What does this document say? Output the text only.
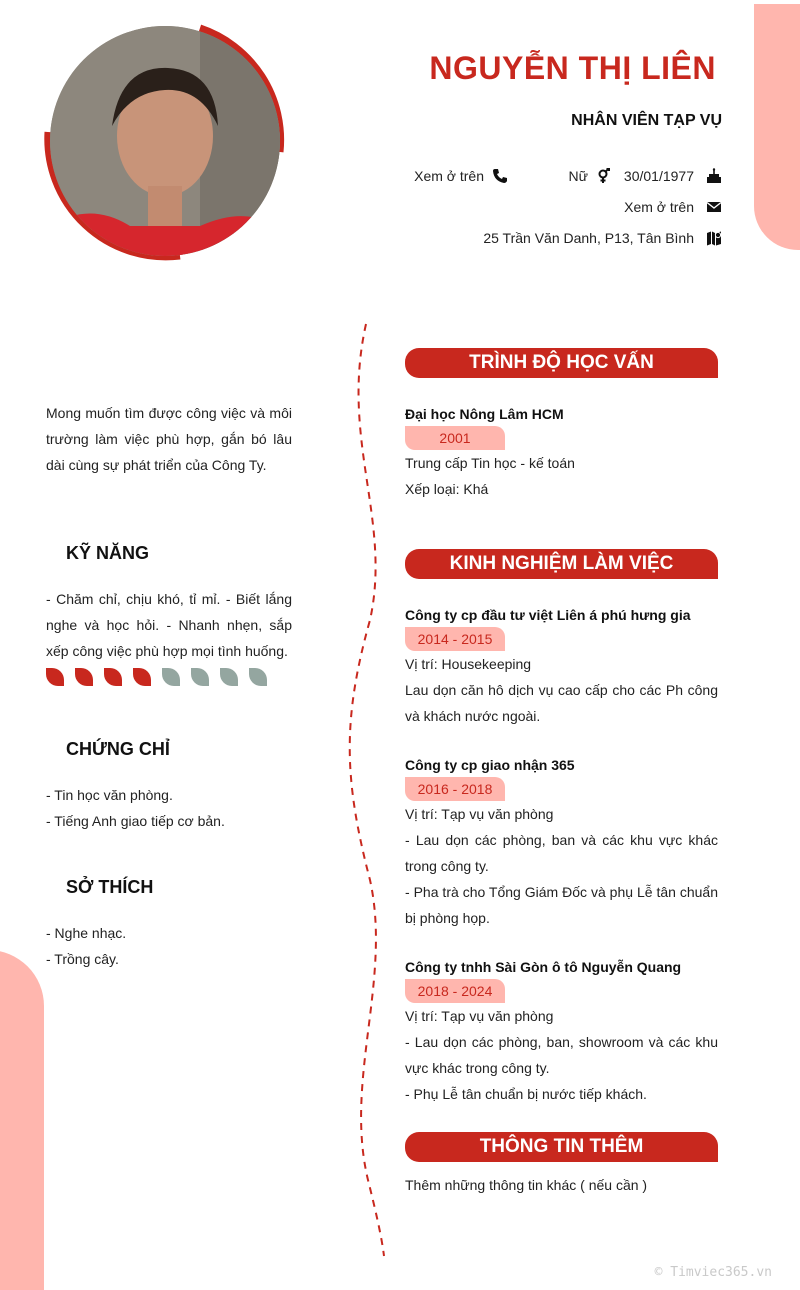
NGUYỄN THỊ LIÊN
NHÂN VIÊN TẠP VỤ
Xem ở trên	Nữ	30/01/1977
Xem ở trên
25 Trần Văn Danh, P13, Tân Bình
Mong muốn tìm được công việc và môi trường làm việc phù hợp, gắn bó lâu dài cùng sự phát triển của Công Ty.
KỸ NĂNG
- Chăm chỉ, chịu khó, tỉ mỉ. - Biết lắng nghe và học hỏi. - Nhanh nhẹn, sắp xếp công việc phù hợp mọi tình huống.
CHỨNG CHỈ
- Tin học văn phòng.
- Tiếng Anh giao tiếp cơ bản.
SỞ THÍCH
- Nghe nhạc.
- Trồng cây.
TRÌNH ĐỘ HỌC VẤN
Đại học Nông Lâm HCM
2001
Trung cấp Tin học - kế toán
Xếp loại: Khá
KINH NGHIỆM LÀM VIỆC
Công ty cp đầu tư việt Liên á phú hưng gia
2014 - 2015
Vị trí: Housekeeping
Lau dọn căn hô dịch vụ cao cấp cho các Ph công và khách nước ngoài.
Công ty cp giao nhận 365
2016 - 2018
Vị trí: Tạp vụ văn phòng
- Lau dọn các phòng, ban và các khu vực khác trong công ty.
- Pha trà cho Tổng Giám Đốc và phụ Lễ tân chuẩn bị phòng họp.
Công ty tnhh Sài Gòn ô tô Nguyễn Quang
2018 - 2024
Vị trí: Tạp vụ văn phòng
- Lau dọn các phòng, ban, showroom và các khu vực khác trong công ty.
- Phụ Lễ tân chuẩn bị nước tiếp khách.
THÔNG TIN THÊM
Thêm những thông tin khác ( nếu cần )
© Timviec365.vn
